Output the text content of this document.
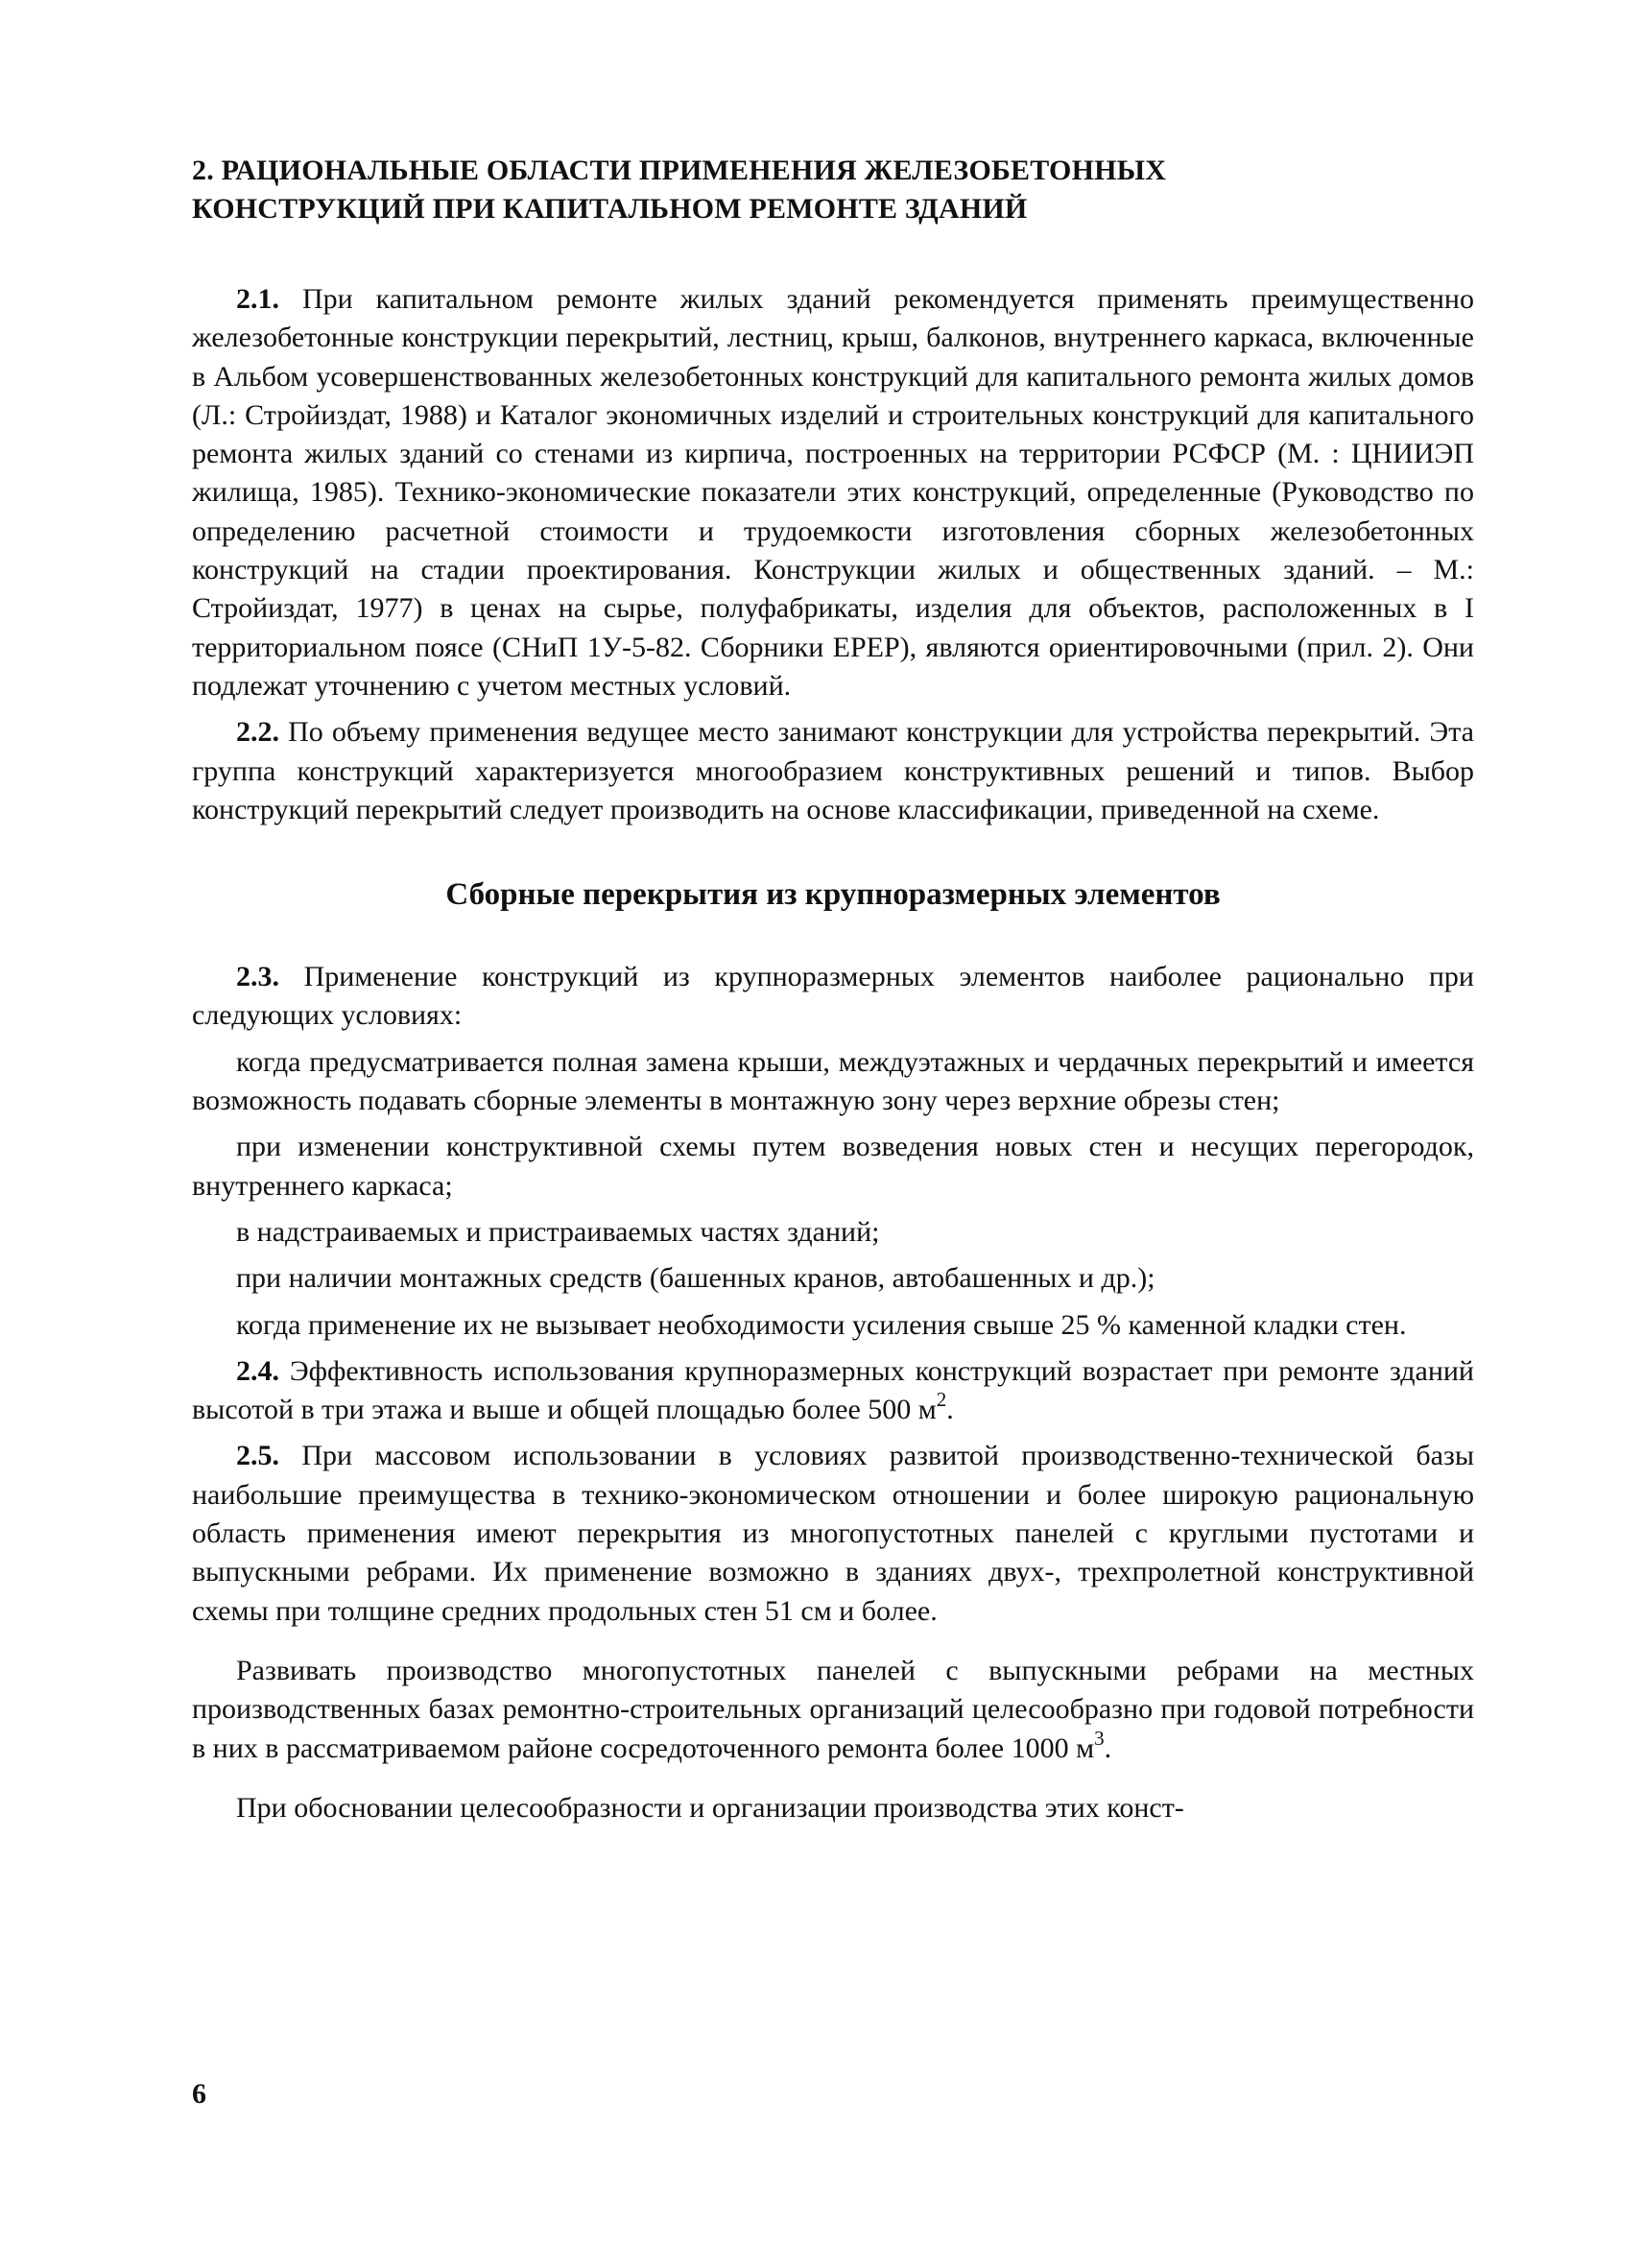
2. РАЦИОНАЛЬНЫЕ ОБЛАСТИ ПРИМЕНЕНИЯ ЖЕЛЕЗОБЕТОННЫХ
КОНСТРУКЦИЙ ПРИ КАПИТАЛЬНОМ РЕМОНТЕ ЗДАНИЙ

2.1. При капитальном ремонте жилых зданий рекомендуется применять преимущественно железобетонные конструкции перекрытий, лестниц, крыш, балконов, внутреннего каркаса, включенные в Альбом усовершенствованных железобетонных конструкций для капитального ремонта жилых домов (Л.: Стройиздат, 1988) и Каталог экономичных изделий и строительных конструкций для капитального ремонта жилых зданий со стенами из кирпича, построенных на территории РСФСР (М. : ЦНИИЭП жилища, 1985). Технико-экономические показатели этих конструкций, определенные (Руководство по определению расчетной стоимости и трудоемкости изготовления сборных железобетонных конструкций на стадии проектирования. Конструкции жилых и общественных зданий. – М.: Стройиздат, 1977) в ценах на сырье, полуфабрикаты, изделия для объектов, расположенных в I территориальном поясе (СНиП 1У-5-82. Сборники ЕРЕР), являются ориентировочными (прил. 2). Они подлежат уточнению с учетом местных условий.

2.2. По объему применения ведущее место занимают конструкции для устройства перекрытий. Эта группа конструкций характеризуется многообразием конструктивных решений и типов. Выбор конструкций перекрытий следует производить на основе классификации, приведенной на схеме.

Сборные перекрытия из крупноразмерных элементов

2.3. Применение конструкций из крупноразмерных элементов наиболее рационально при следующих условиях:

когда предусматривается полная замена крыши, междуэтажных и чердачных перекрытий и имеется возможность подавать сборные элементы в монтажную зону через верхние обрезы стен;

при изменении конструктивной схемы путем возведения новых стен и несущих перегородок, внутреннего каркаса;

в надстраиваемых и пристраиваемых частях зданий;

при наличии монтажных средств (башенных кранов, автобашенных и др.);

когда применение их не вызывает необходимости усиления свыше 25 % каменной кладки стен.

2.4. Эффективность использования крупноразмерных конструкций возрастает при ремонте зданий высотой в три этажа и выше и общей площадью более 500 $м^2$.

2.5. При массовом использовании в условиях развитой производственно-технической базы наибольшие преимущества в технико-экономическом отношении и более широкую рациональную область применения имеют перекрытия из многопустотных панелей с круглыми пустотами и выпускными ребрами. Их применение возможно в зданиях двух-, трехпролетной конструктивной схемы при толщине средних продольных стен 51 см и более.

Развивать производство многопустотных панелей с выпускными ребрами на местных производственных базах ремонтно-строительных организаций целесообразно при годовой потребности в них в рассматриваемом районе сосредоточенного ремонта более 1000 $м^3$.

При обосновании целесообразности и организации производства этих конст-

6
